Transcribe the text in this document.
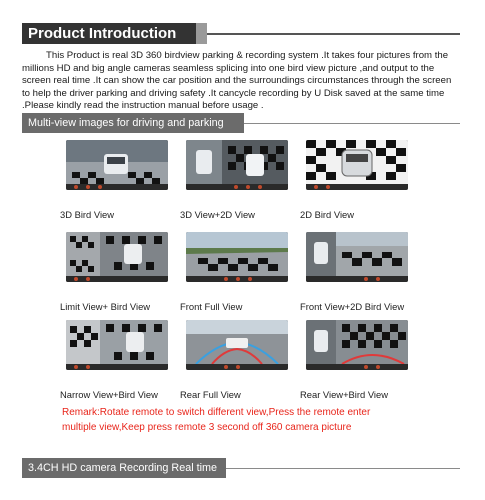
Product Introduction

This Product is real 3D 360 birdview parking & recording system .It takes four pictures from the millions HD and big angle cameras seamless splicing into one bird view picture ,and output to the screen real time .It can show the car position and the surroundings circumstances through the screen to help the driver parking and driving safety .It cancycle recording by U Disk saved at the same time .Please kindly read the instruction manual before usage .

Multi-view images for driving and parking
3D Bird View	3D View+2D View	2D Bird View
Limit View+ Bird View	Front Full View	Front View+2D Bird View
Narrow View+Bird View	Rear Full View	Rear View+Bird View
Remark:Rotate remote to switch different view,Press the remote enter
multiple view,Keep press remote 3 second off 360 camera picture
3.4CH HD camera Recording Real time
